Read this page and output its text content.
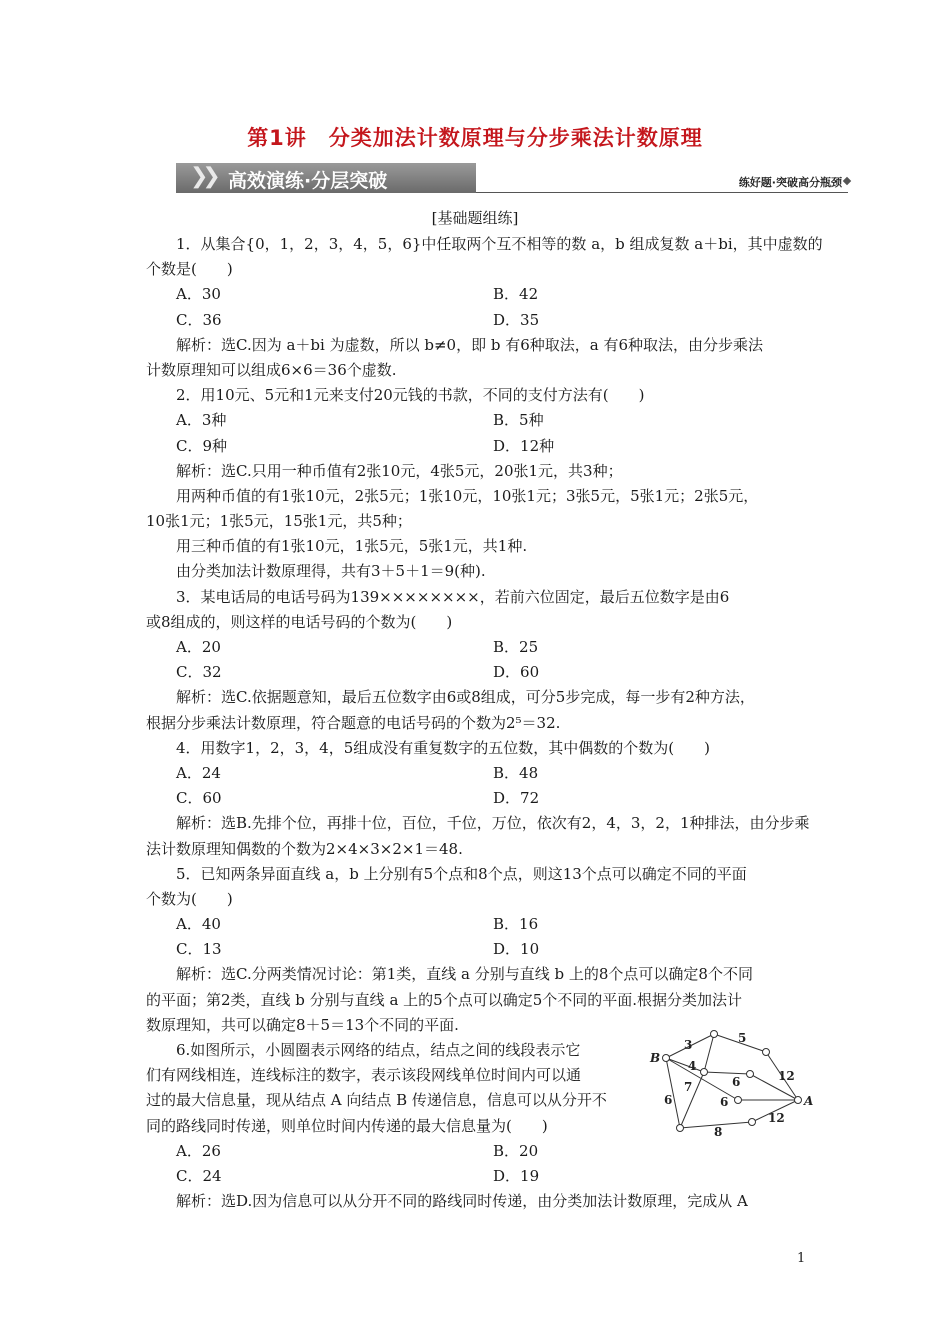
第1讲　分类加法计数原理与分步乘法计数原理
❯❯ 高效演练·分层突破	练好题·突破高分瓶颈
[基础题组练]
1．从集合{0，1，2，3，4，5，6}中任取两个互不相等的数 a，b 组成复数 a＋bi，其中虚数的
个数是(　　)
A．30	B．42
C．36	D．35
解析：选C.因为 a＋bi 为虚数，所以 b≠0，即 b 有6种取法，a 有6种取法，由分步乘法
计数原理知可以组成6×6＝36个虚数.
2．用10元、5元和1元来支付20元钱的书款，不同的支付方法有(　　)
A．3种	B．5种
C．9种	D．12种
解析：选C.只用一种币值有2张10元，4张5元，20张1元，共3种；
用两种币值的有1张10元，2张5元；1张10元，10张1元；3张5元，5张1元；2张5元，
10张1元；1张5元，15张1元，共5种；
用三种币值的有1张10元，1张5元，5张1元，共1种.
由分类加法计数原理得，共有3＋5＋1＝9(种).
3．某电话局的电话号码为139××××××××，若前六位固定，最后五位数字是由6
或8组成的，则这样的电话号码的个数为(　　)
A．20	B．25
C．32	D．60
解析：选C.依据题意知，最后五位数字由6或8组成，可分5步完成，每一步有2种方法，
根据分步乘法计数原理，符合题意的电话号码的个数为2⁵＝32.
4．用数字1，2，3，4，5组成没有重复数字的五位数，其中偶数的个数为(　　)
A．24	B．48
C．60	D．72
解析：选B.先排个位，再排十位，百位，千位，万位，依次有2，4，3，2，1种排法，由分步乘
法计数原理知偶数的个数为2×4×3×2×1＝48.
5．已知两条异面直线 a，b 上分别有5个点和8个点，则这13个点可以确定不同的平面
个数为(　　)
A．40	B．16
C．13	D．10
解析：选C.分两类情况讨论：第1类，直线 a 分别与直线 b 上的8个点可以确定8个不同
的平面；第2类，直线 b 分别与直线 a 上的5个点可以确定5个不同的平面.根据分类加法计
数原理知，共可以确定8＋5＝13个不同的平面.
6.如图所示，小圆圈表示网络的结点，结点之间的线段表示它
们有网线相连，连线标注的数字，表示该段网线单位时间内可以通
过的最大信息量，现从结点 A 向结点 B 传递信息，信息可以从分开不
同的路线同时传递，则单位时间内传递的最大信息量为(　　)
A．26	B．20
C．24	D．19
解析：选D.因为信息可以从分开不同的路线同时传递，由分类加法计数原理，完成从 A
B
A
3	5
4
6	12
7
6	6
8
12
1
